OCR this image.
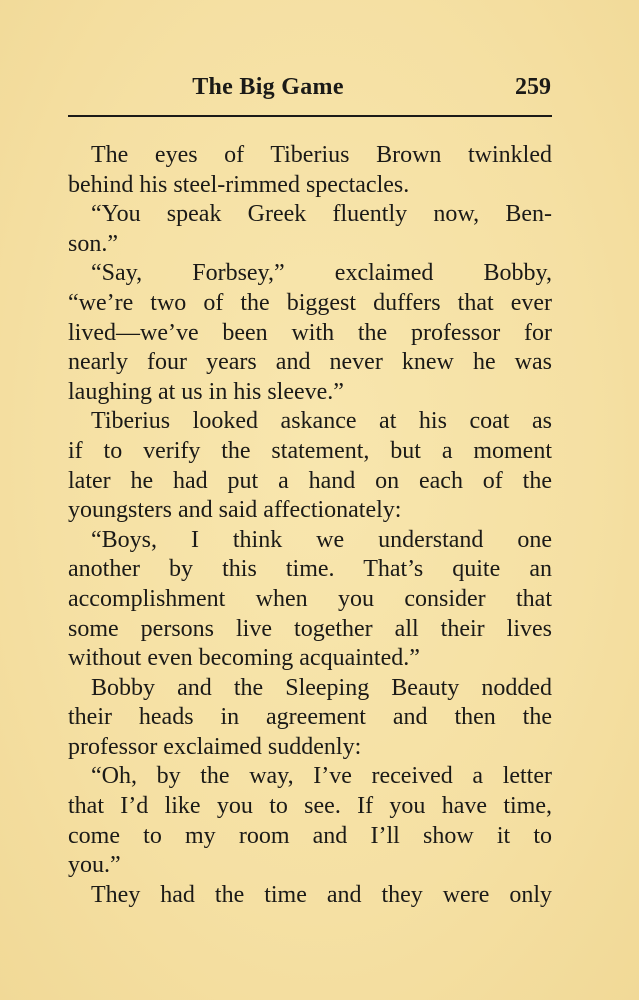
The Big Game	259
The eyes of Tiberius Brown twinkled
behind his steel-rimmed spectacles.
“You speak Greek fluently now, Ben-
son.”
“Say, Forbsey,” exclaimed Bobby,
“we’re two of the biggest duffers that ever
lived—we’ve been with the professor for
nearly four years and never knew he was
laughing at us in his sleeve.”
Tiberius looked askance at his coat as
if to verify the statement, but a moment
later he had put a hand on each of the
youngsters and said affectionately:
“Boys, I think we understand one
another by this time. That’s quite an
accomplishment when you consider that
some persons live together all their lives
without even becoming acquainted.”
Bobby and the Sleeping Beauty nodded
their heads in agreement and then the
professor exclaimed suddenly:
“Oh, by the way, I’ve received a letter
that I’d like you to see. If you have time,
come to my room and I’ll show it to
you.”
They had the time and they were only
